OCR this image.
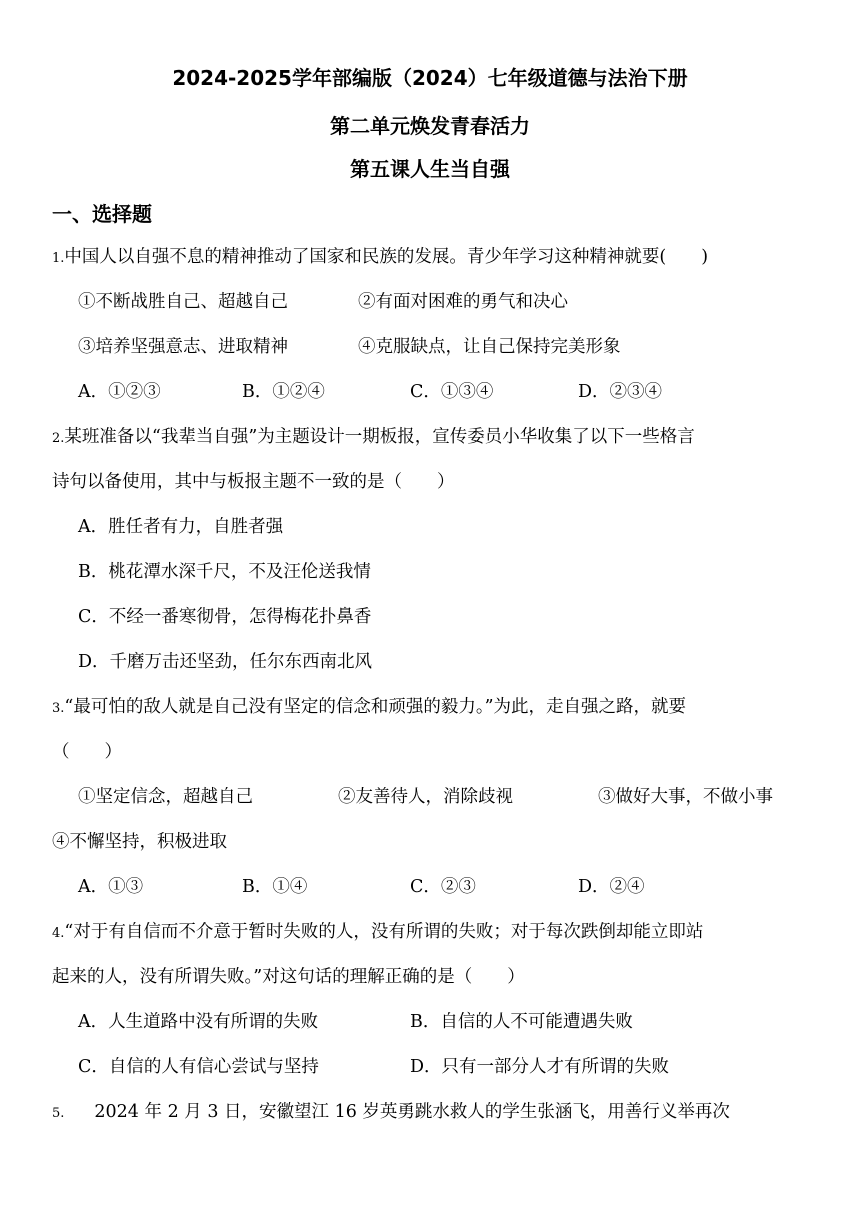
2024-2025学年部编版（2024）七年级道德与法治下册
第二单元焕发青春活力
第五课人生当自强
一、选择题
1.中国人以自强不息的精神推动了国家和民族的发展。青少年学习这种精神就要(　　)
①不断战胜自己、超越自己	②有面对困难的勇气和决心
③培养坚强意志、进取精神	④克服缺点，让自己保持完美形象
A．①②③	B．①②④	C．①③④	D．②③④
2.某班准备以“我辈当自强”为主题设计一期板报，宣传委员小华收集了以下一些格言
诗句以备使用，其中与板报主题不一致的是（　　）
A．胜任者有力，自胜者强
B．桃花潭水深千尺，不及汪伦送我情
C．不经一番寒彻骨，怎得梅花扑鼻香
D．千磨万击还坚劲，任尔东西南北风
3.“最可怕的敌人就是自己没有坚定的信念和顽强的毅力。”为此，走自强之路，就要
（　　）
①坚定信念，超越自己	②友善待人，消除歧视	③做好大事，不做小事
④不懈坚持，积极进取
A．①③	B．①④	C．②③	D．②④
4.“对于有自信而不介意于暂时失败的人，没有所谓的失败；对于每次跌倒却能立即站
起来的人，没有所谓失败。”对这句话的理解正确的是（　　）
A．人生道路中没有所谓的失败	B．自信的人不可能遭遇失败
C．自信的人有信心尝试与坚持	D．只有一部分人才有所谓的失败
5. 2024 年 2 月 3 日，安徽望江 16 岁英勇跳水救人的学生张涵飞，用善行义举再次
